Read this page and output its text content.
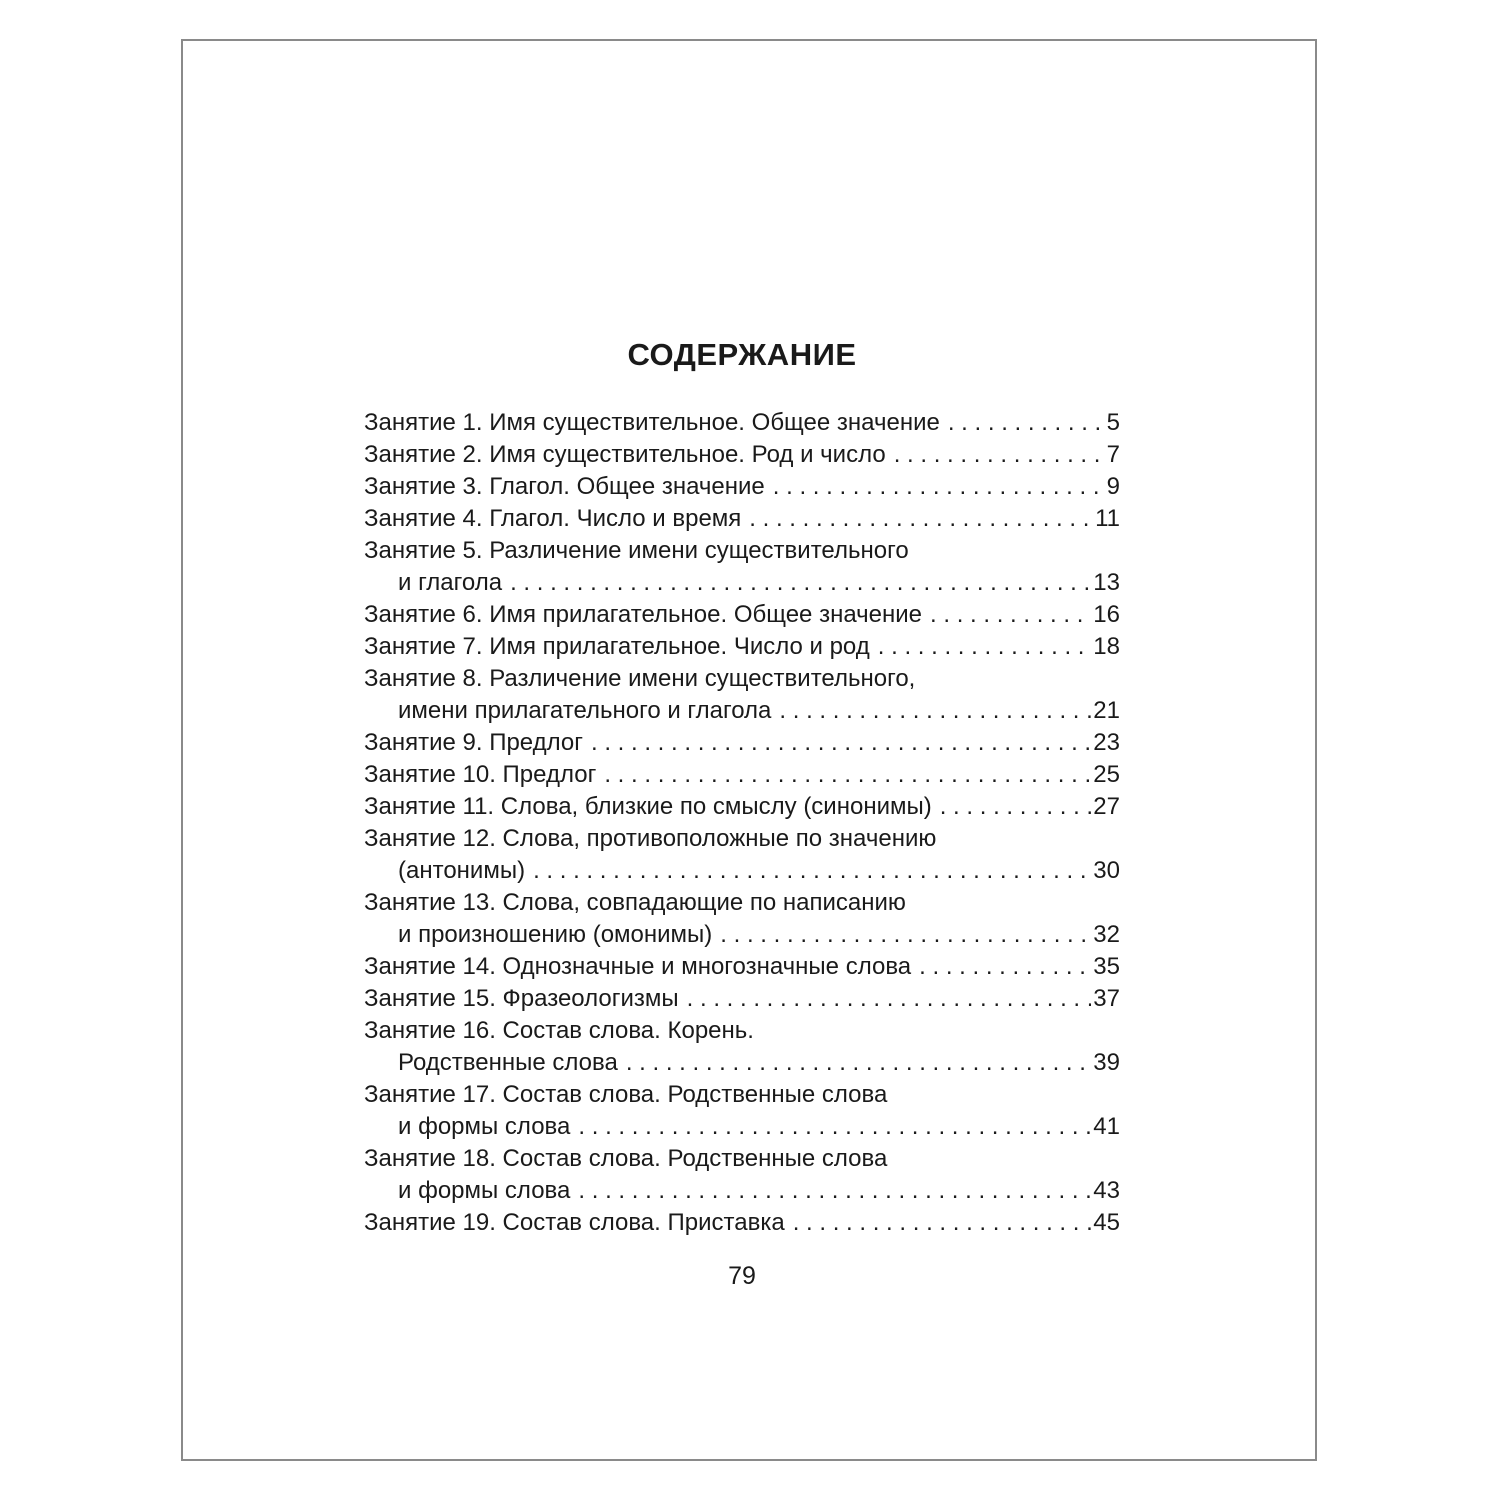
СОДЕРЖАНИЕ
Занятие 1. Имя существительное. Общее значение . . .	5
Занятие 2. Имя существительное. Род и число . . .	7
Занятие 3. Глагол. Общее значение . . .	9
Занятие 4. Глагол. Число и время . . .	11
Занятие 5. Различение имени существительного
и глагола . . .	13
Занятие 6. Имя прилагательное. Общее значение . . .	16
Занятие 7. Имя прилагательное. Число и род . . .	18
Занятие 8. Различение имени существительного,
имени прилагательного и глагола . . .	21
Занятие 9. Предлог . . .	23
Занятие 10. Предлог . . .	25
Занятие 11. Слова, близкие по смыслу (синонимы) . . .	27
Занятие 12. Слова, противоположные по значению
(антонимы) . . .	30
Занятие 13. Слова, совпадающие по написанию
и произношению (омонимы) . . .	32
Занятие 14. Однозначные и многозначные слова . . .	35
Занятие 15. Фразеологизмы . . .	37
Занятие 16. Состав слова. Корень.
Родственные слова . . .	39
Занятие 17. Состав слова. Родственные слова
и формы слова . . .	41
Занятие 18. Состав слова. Родственные слова
и формы слова . . .	43
Занятие 19. Состав слова. Приставка . . .	45

79
